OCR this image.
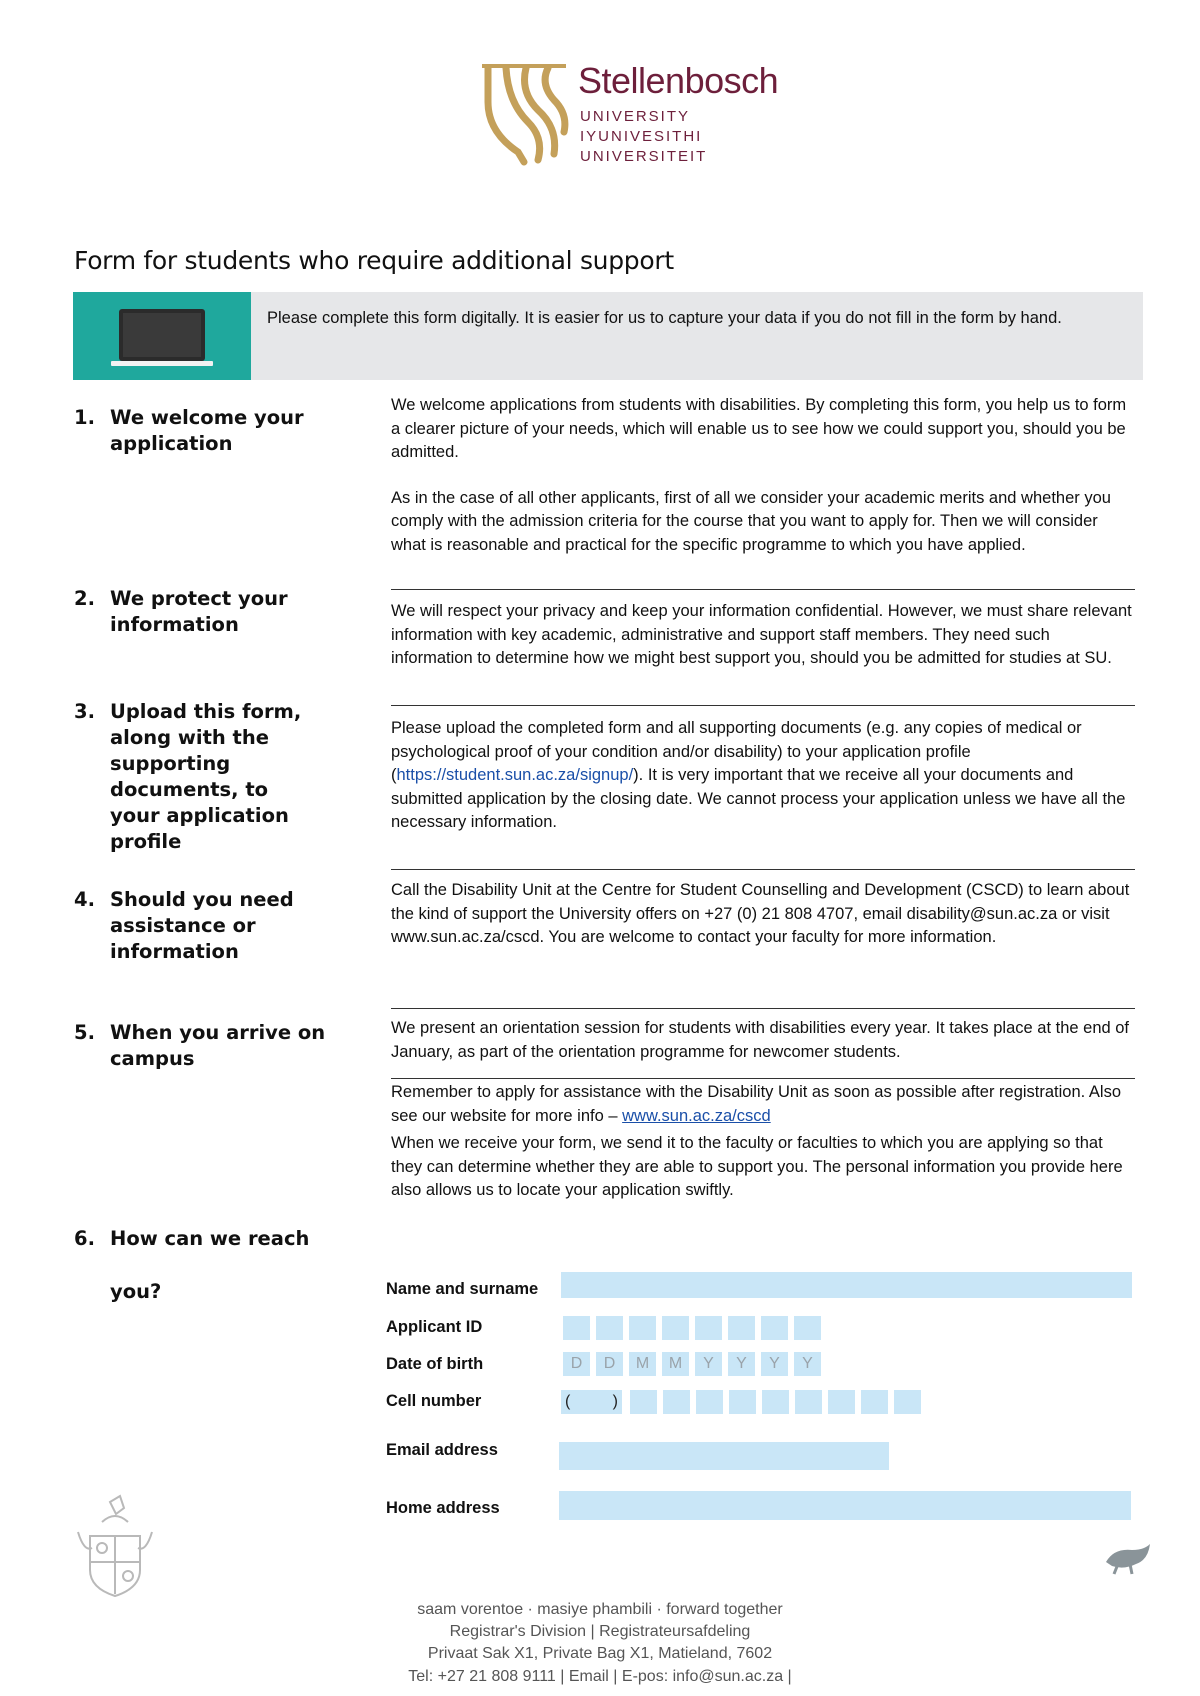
Stellenbosch
UNIVERSITY
IYUNIVESITHI
UNIVERSITEIT
Form for students who require additional support
Please complete this form digitally. It is easier for us to capture your data if you do not fill in the form by hand.
1. We welcome your application

We welcome applications from students with disabilities. By completing this form, you help us to form a clearer picture of your needs, which will enable us to see how we could support you, should you be admitted.

As in the case of all other applicants, first of all we consider your academic merits and whether you comply with the admission criteria for the course that you want to apply for. Then we will consider what is reasonable and practical for the specific programme to which you have applied.

2. We protect your information

We will respect your privacy and keep your information confidential. However, we must share relevant information with key academic, administrative and support staff members. They need such information to determine how we might best support you, should you be admitted for studies at SU.

3. Upload this form, along with the supporting documents, to your application profile

Please upload the completed form and all supporting documents (e.g. any copies of medical or psychological proof of your condition and/or disability) to your application profile (https://student.sun.ac.za/signup/). It is very important that we receive all your documents and submitted application by the closing date. We cannot process your application unless we have all the necessary information.

4. Should you need assistance or information

Call the Disability Unit at the Centre for Student Counselling and Development (CSCD) to learn about the kind of support the University offers on +27 (0) 21 808 4707, email disability@sun.ac.za or visit www.sun.ac.za/cscd. You are welcome to contact your faculty for more information.

5. When you arrive on campus

We present an orientation session for students with disabilities every year. It takes place at the end of January, as part of the orientation programme for newcomer students.

Remember to apply for assistance with the Disability Unit as soon as possible after registration. Also see our website for more info – www.sun.ac.za/cscd

When we receive your form, we send it to the faculty or faculties to which you are applying so that they can determine whether they are able to support you. The personal information you provide here also allows us to locate your application swiftly.

6. How can we reach
you?	Name and surname
Applicant ID
Date of birth	D	D	M	M	Y	Y	Y	Y
Cell number	(	)
Email address
Home address
saam vorentoe · masiye phambili · forward together
Registrar's Division | Registrateursafdeling
Privaat Sak X1, Private Bag X1, Matieland, 7602
Tel: +27 21 808 9111 | Email | E-pos: info@sun.ac.za |
